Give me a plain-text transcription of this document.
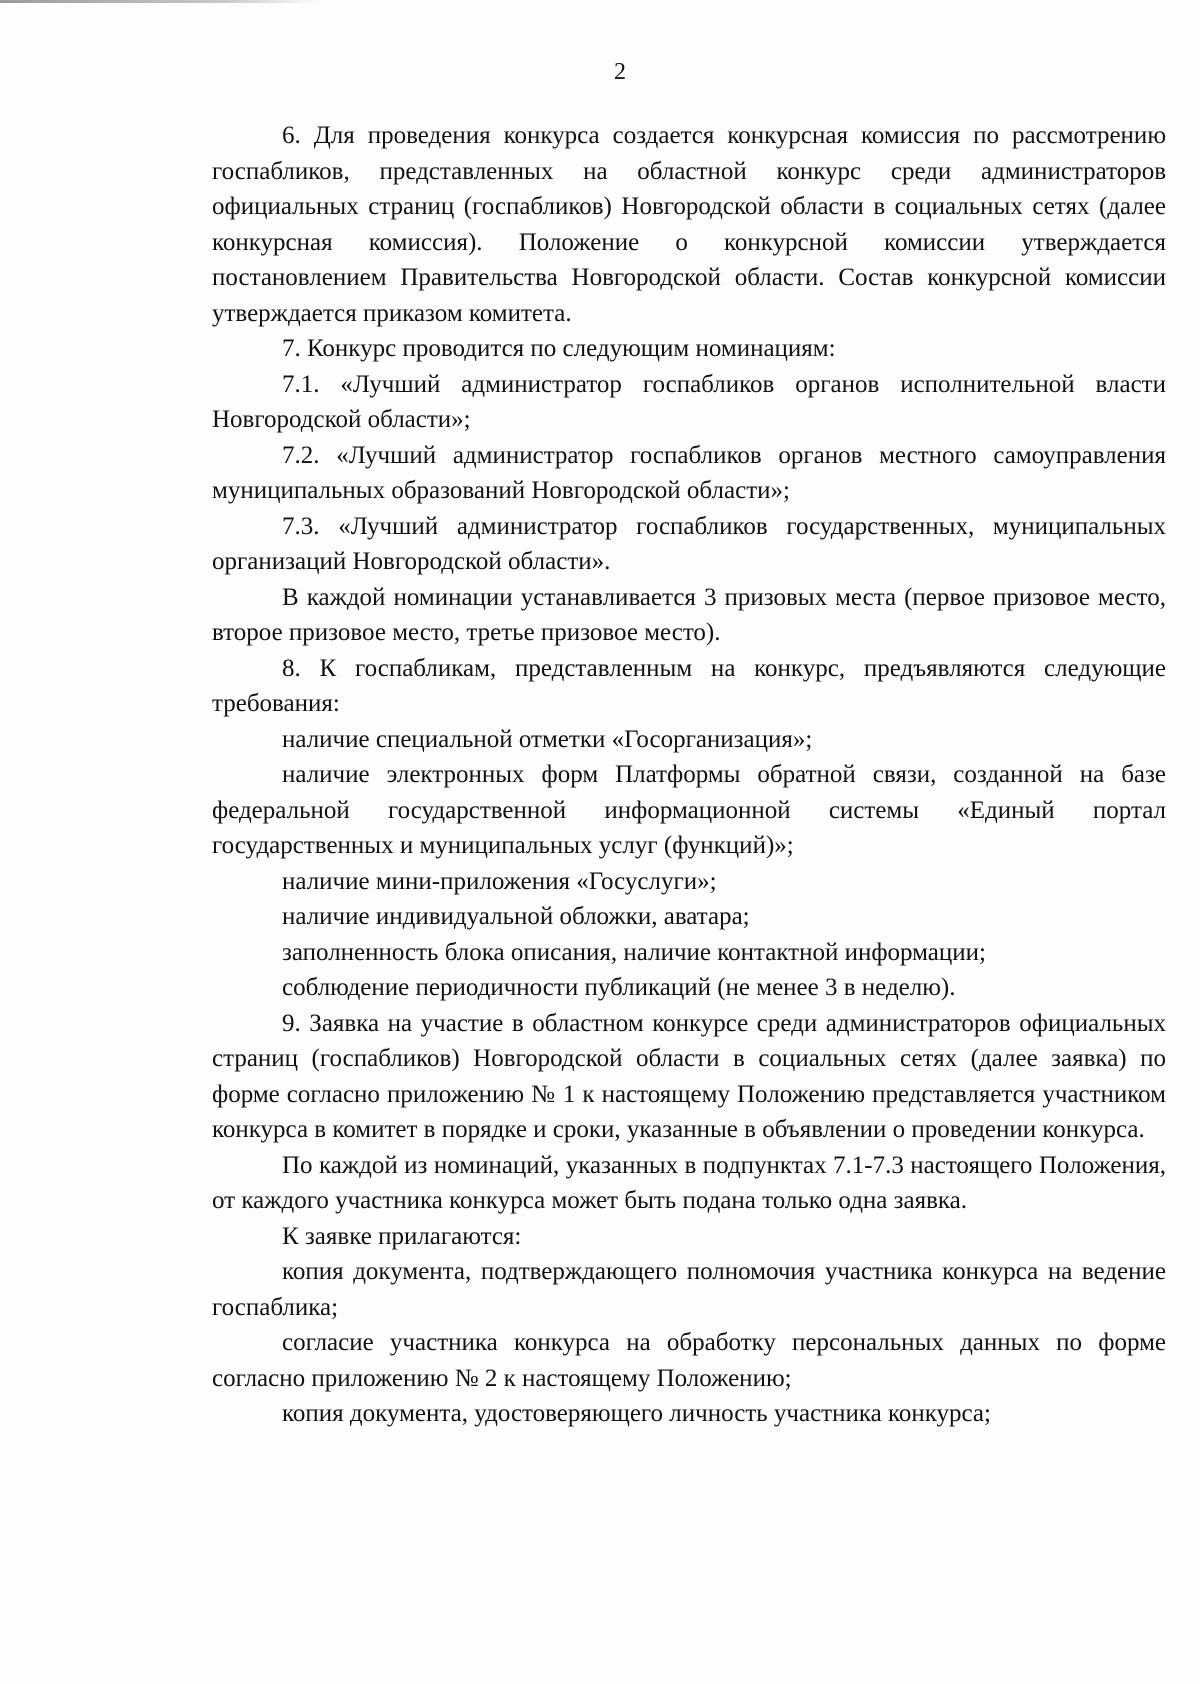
2

6. Для проведения конкурса создается конкурсная комиссия по рассмотрению госпабликов, представленных на областной конкурс среди администраторов официальных страниц (госпабликов) Новгородской области в социальных сетях (далее конкурсная комиссия). Положение о конкурсной комиссии утверждается постановлением Правительства Новгородской области. Состав конкурсной комиссии утверждается приказом комитета.

7. Конкурс проводится по следующим номинациям:

7.1. «Лучший администратор госпабликов органов исполнительной власти Новгородской области»;

7.2. «Лучший администратор госпабликов органов местного самоуправления муниципальных образований Новгородской области»;

7.3. «Лучший администратор госпабликов государственных, муниципальных организаций Новгородской области».

В каждой номинации устанавливается 3 призовых места (первое призовое место, второе призовое место, третье призовое место).

8. К госпабликам, представленным на конкурс, предъявляются следующие требования:

наличие специальной отметки «Госорганизация»;

наличие электронных форм Платформы обратной связи, созданной на базе федеральной государственной информационной системы «Единый портал государственных и муниципальных услуг (функций)»;

наличие мини-приложения «Госуслуги»;

наличие индивидуальной обложки, аватара;

заполненность блока описания, наличие контактной информации;

соблюдение периодичности публикаций (не менее 3 в неделю).

9. Заявка на участие в областном конкурсе среди администраторов официальных страниц (госпабликов) Новгородской области в социальных сетях (далее заявка) по форме согласно приложению № 1 к настоящему Положению представляется участником конкурса в комитет в порядке и сроки, указанные в объявлении о проведении конкурса.

По каждой из номинаций, указанных в подпунктах 7.1-7.3 настоящего Положения, от каждого участника конкурса может быть подана только одна заявка.

К заявке прилагаются:

копия документа, подтверждающего полномочия участника конкурса на ведение госпаблика;

согласие участника конкурса на обработку персональных данных по форме согласно приложению № 2 к настоящему Положению;

копия документа, удостоверяющего личность участника конкурса;
